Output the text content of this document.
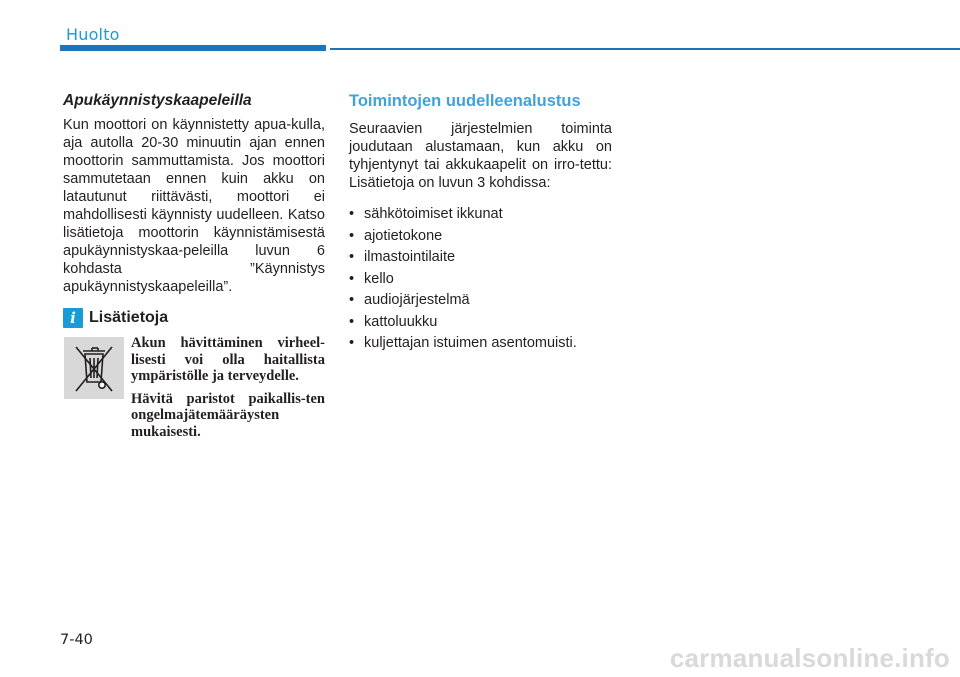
Huolto
Apukäynnistyskaapeleilla

Kun moottori on käynnistetty apua-kulla, aja autolla 20-30 minuutin ajan ennen moottorin sammuttamista. Jos moottori sammutetaan ennen kuin akku on latautunut riittävästi, moottori ei mahdollisesti käynnisty uudelleen. Katso lisätietoja moottorin käynnistämisestä apukäynnistyskaa-peleilla luvun 6 kohdasta ”Käynnistys apukäynnistyskaapeleilla”.

i Lisätietoja

Akun hävittäminen virheel-lisesti voi olla haitallista ympäristölle ja terveydelle.

Hävitä paristot paikallis-ten ongelmajätemääräysten mukaisesti.

Toimintojen uudelleenalustus

Seuraavien järjestelmien toiminta joudutaan alustamaan, kun akku on tyhjentynyt tai akkukaapelit on irro-tettu: Lisätietoja on luvun 3 kohdissa:

• sähkötoimiset ikkunat
• ajotietokone
• ilmastointilaite
• kello
• audiojärjestelmä
• kattoluukku
• kuljettajan istuimen asentomuisti.
7-40
carmanualsonline.info
